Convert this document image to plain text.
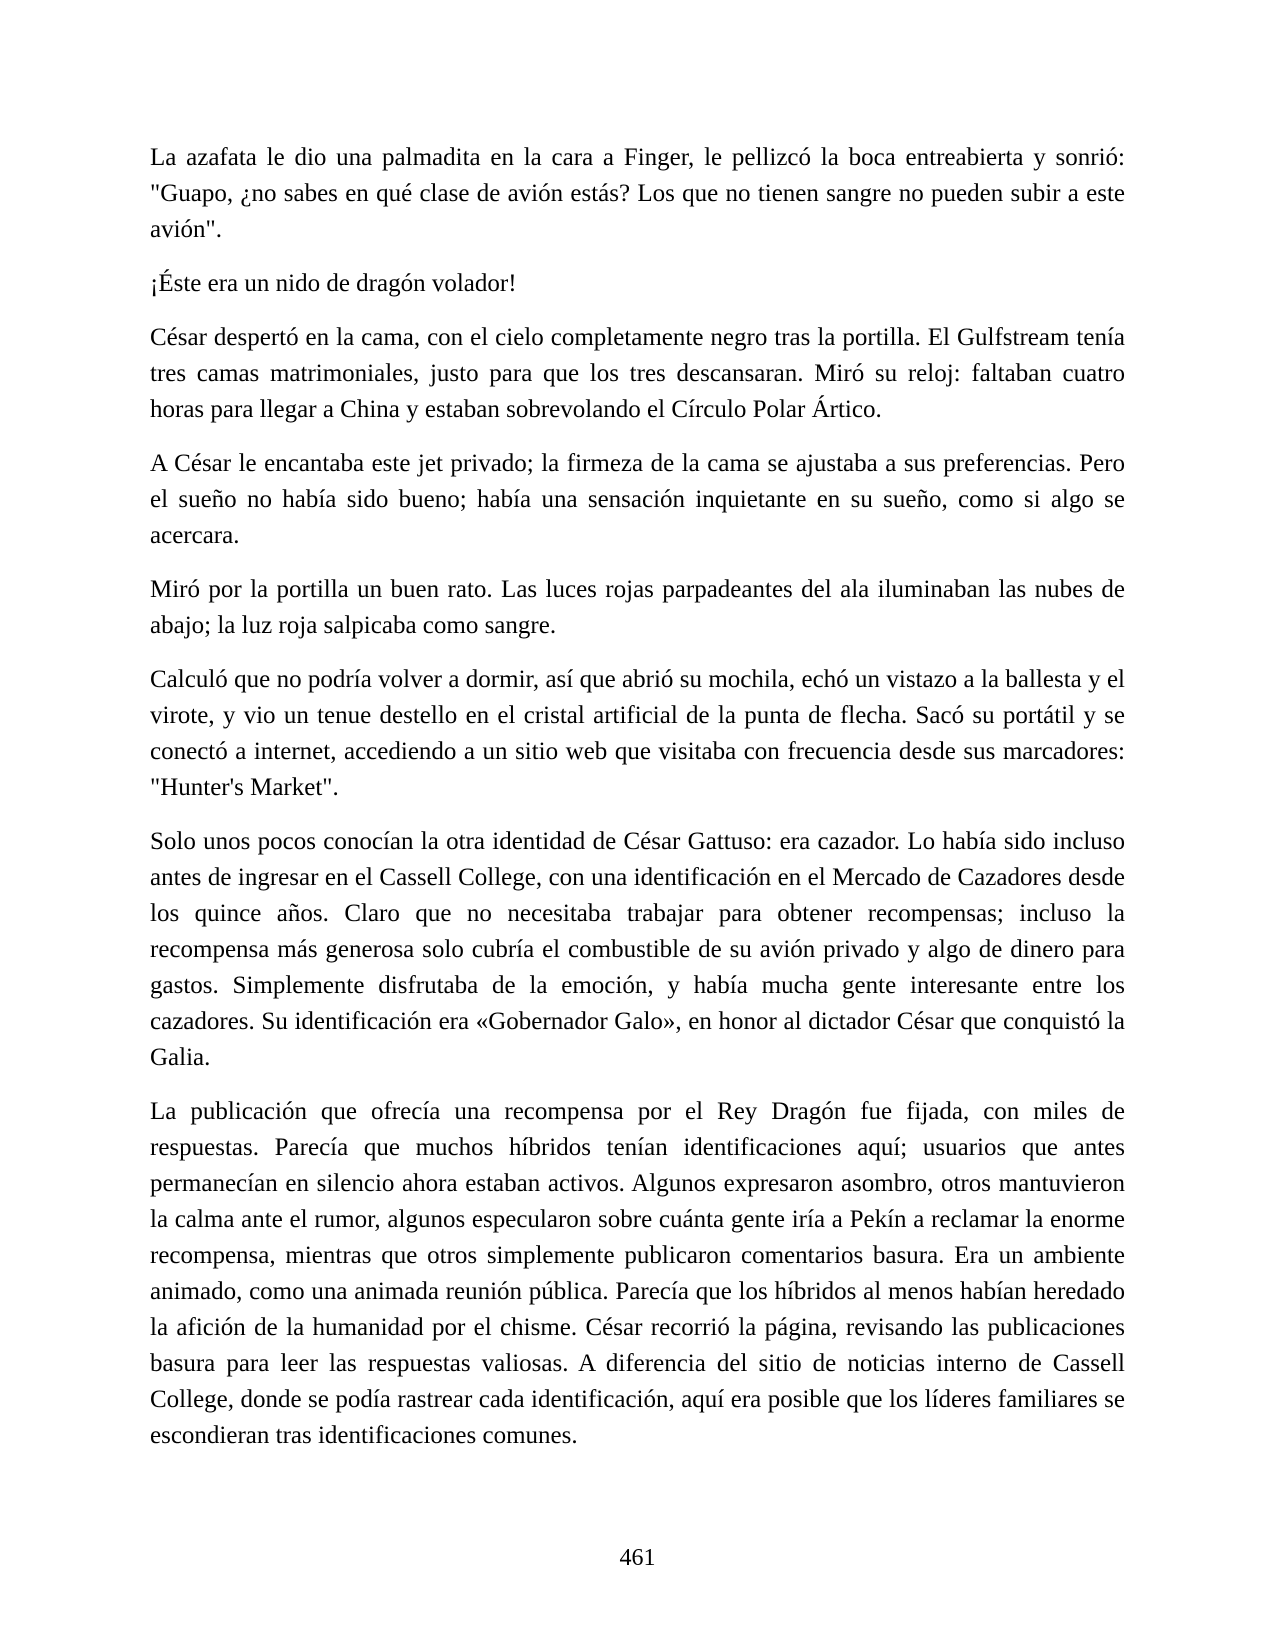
La azafata le dio una palmadita en la cara a Finger, le pellizcó la boca entreabierta y sonrió: "Guapo, ¿no sabes en qué clase de avión estás? Los que no tienen sangre no pueden subir a este avión".

¡Éste era un nido de dragón volador!

César despertó en la cama, con el cielo completamente negro tras la portilla. El Gulfstream tenía tres camas matrimoniales, justo para que los tres descansaran. Miró su reloj: faltaban cuatro horas para llegar a China y estaban sobrevolando el Círculo Polar Ártico.

A César le encantaba este jet privado; la firmeza de la cama se ajustaba a sus preferencias. Pero el sueño no había sido bueno; había una sensación inquietante en su sueño, como si algo se acercara.

Miró por la portilla un buen rato. Las luces rojas parpadeantes del ala iluminaban las nubes de abajo; la luz roja salpicaba como sangre.

Calculó que no podría volver a dormir, así que abrió su mochila, echó un vistazo a la ballesta y el virote, y vio un tenue destello en el cristal artificial de la punta de flecha. Sacó su portátil y se conectó a internet, accediendo a un sitio web que visitaba con frecuencia desde sus marcadores: "Hunter's Market".

Solo unos pocos conocían la otra identidad de César Gattuso: era cazador. Lo había sido incluso antes de ingresar en el Cassell College, con una identificación en el Mercado de Cazadores desde los quince años. Claro que no necesitaba trabajar para obtener recompensas; incluso la recompensa más generosa solo cubría el combustible de su avión privado y algo de dinero para gastos. Simplemente disfrutaba de la emoción, y había mucha gente interesante entre los cazadores. Su identificación era «Gobernador Galo», en honor al dictador César que conquistó la Galia.

La publicación que ofrecía una recompensa por el Rey Dragón fue fijada, con miles de respuestas. Parecía que muchos híbridos tenían identificaciones aquí; usuarios que antes permanecían en silencio ahora estaban activos. Algunos expresaron asombro, otros mantuvieron la calma ante el rumor, algunos especularon sobre cuánta gente iría a Pekín a reclamar la enorme recompensa, mientras que otros simplemente publicaron comentarios basura. Era un ambiente animado, como una animada reunión pública. Parecía que los híbridos al menos habían heredado la afición de la humanidad por el chisme. César recorrió la página, revisando las publicaciones basura para leer las respuestas valiosas. A diferencia del sitio de noticias interno de Cassell College, donde se podía rastrear cada identificación, aquí era posible que los líderes familiares se escondieran tras identificaciones comunes.

461
